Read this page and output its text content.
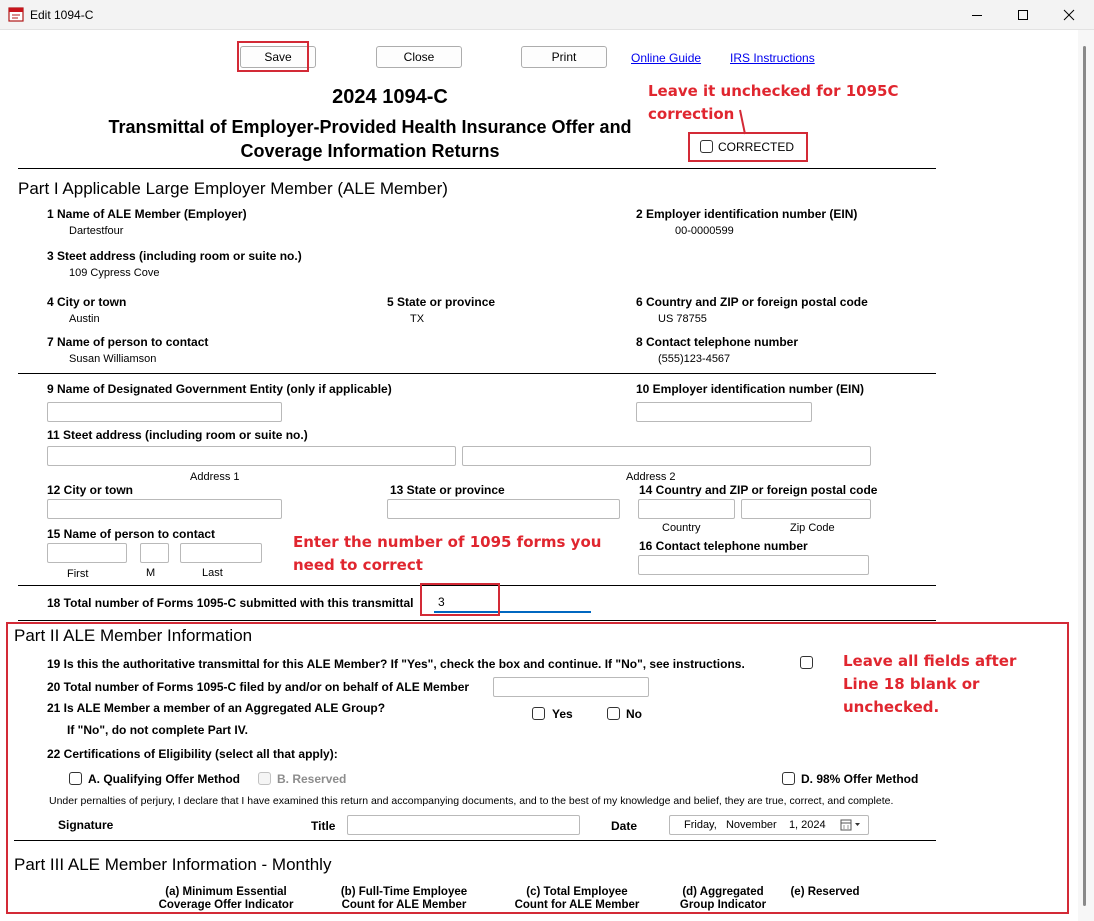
Edit 1094-C
Save	Close	Print	Online Guide IRS Instructions
2024 1094-C
Transmittal of Employer-Provided Health Insurance Offer and
Coverage Information Returns
Leave it unchecked for 1095C
correction
CORRECTED
Part I Applicable Large Employer Member (ALE Member)
1 Name of ALE Member (Employer)
Dartestfour
2 Employer identification number (EIN)
00-0000599
3 Steet address (including room or suite no.)
109 Cypress Cove
4 City or town
Austin
5 State or province
TX
6 Country and ZIP or foreign postal code
US 78755
7 Name of person to contact
Susan Williamson
8 Contact telephone number
(555)123-4567
9 Name of Designated Government Entity (only if applicable)	10 Employer identification number (EIN)
11 Steet address (including room or suite no.)
Address 1	Address 2
12 City or town	13 State or province	14 Country and ZIP or foreign postal code
Country	Zip Code
15 Name of person to contact
First	M	Last
Enter the number of 1095 forms you
need to correct
16 Contact telephone number
18 Total number of Forms 1095-C submitted with this transmittal	3
Part II ALE Member Information
19 Is this the authoritative transmittal for this ALE Member? If "Yes", check the box and continue. If "No", see instructions.	Leave all fields after
Line 18 blank or
unchecked.
20 Total number of Forms 1095-C filed by and/or on behalf of ALE Member
21 Is ALE Member a member of an Aggregated ALE Group?
If "No", do not complete Part IV.
Yes	No
22 Certifications of Eligibility (select all that apply):
A. Qualifying Offer Method	B. Reserved	D. 98% Offer Method
Under pernalties of perjury, I declare that I have examined this return and accompanying documents, and to the best of my knowledge and belief, they are true, correct, and complete.
Signature	Title	Date	Friday,   November    1, 2024
Part III ALE Member Information - Monthly
(a) Minimum Essential
Coverage Offer Indicator
(b) Full-Time Employee
Count for ALE Member
(c) Total Employee
Count for ALE Member
(d) Aggregated
Group Indicator
(e) Reserved
